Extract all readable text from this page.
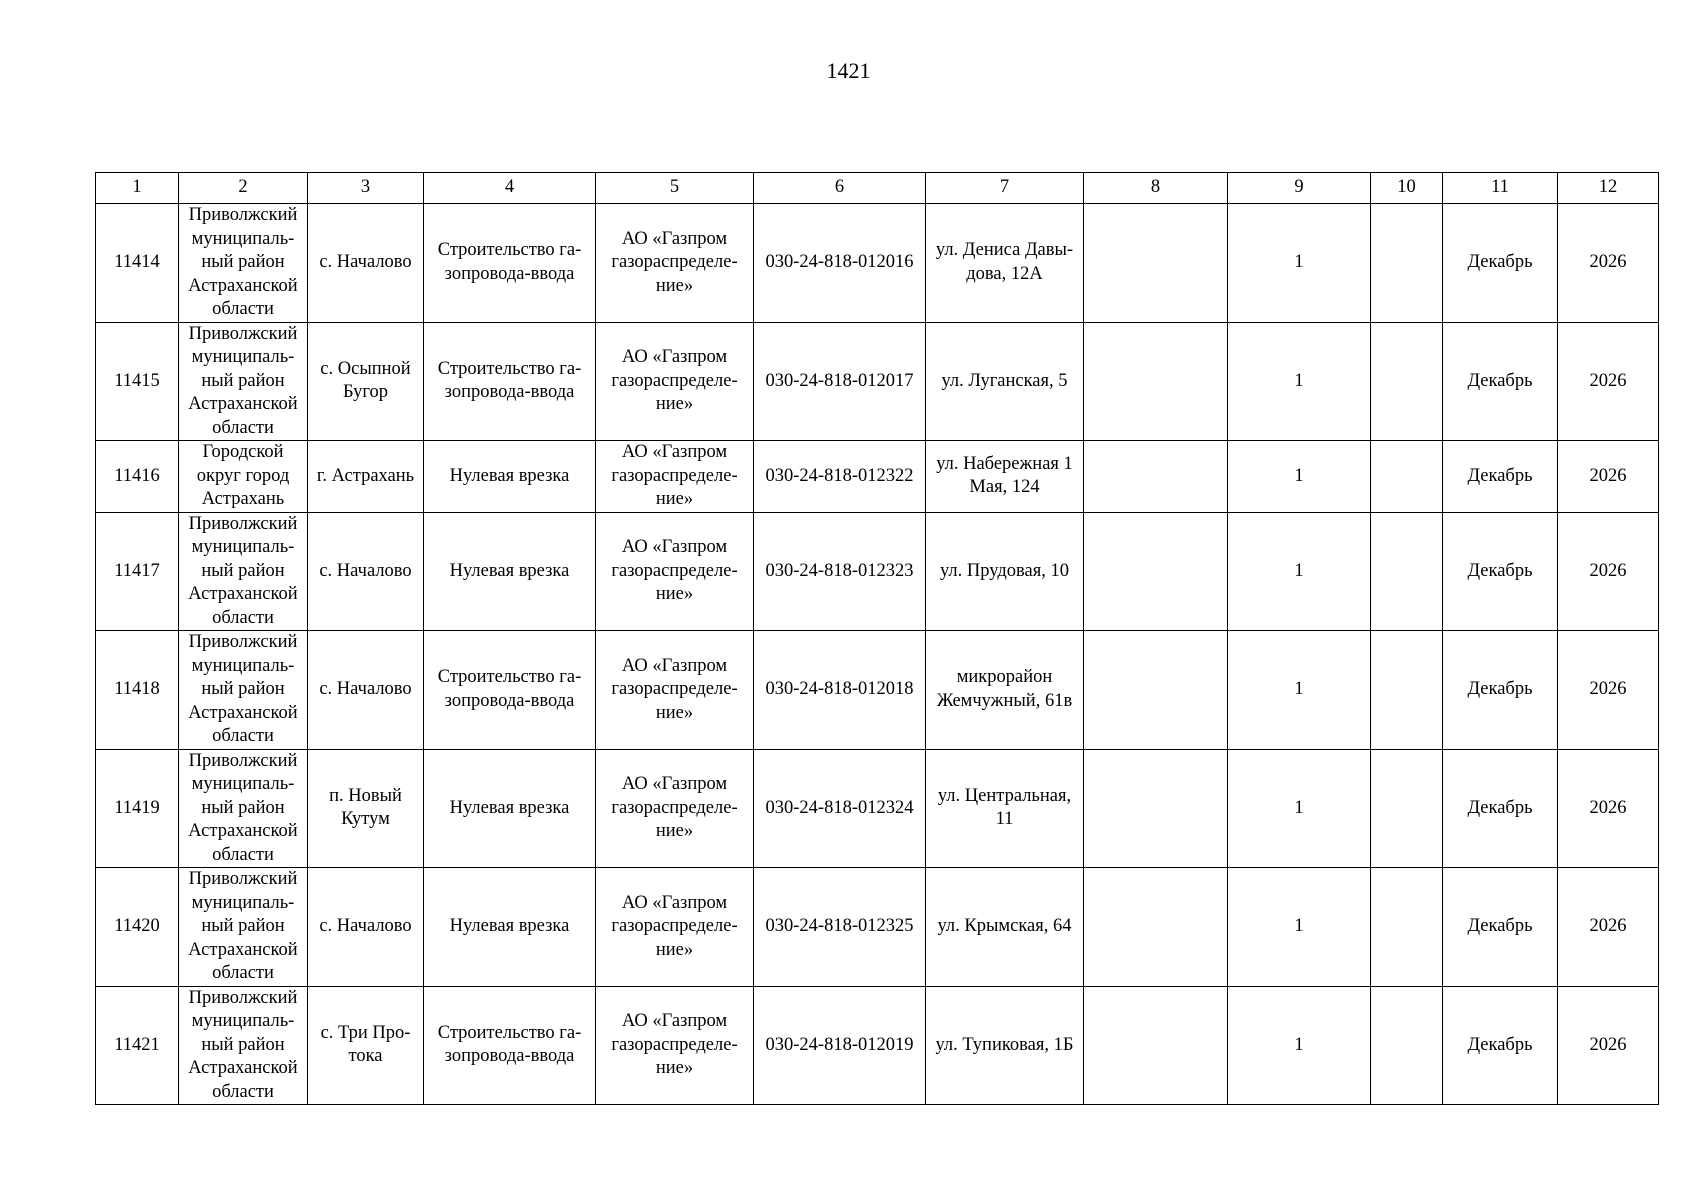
1421
1	2	3	4	5	6	7	8	9	10	11	12
11414	Приволжский муниципаль-ный район Астраханской области	с. Началово	Строительство га-зопровода-ввода	АО «Газпром газораспределе-ние»	030-24-818-012016	ул. Дениса Давы-дова, 12А		1		Декабрь	2026
11415	Приволжский муниципаль-ный район Астраханской области	с. Осыпной Бугор	Строительство га-зопровода-ввода	АО «Газпром газораспределе-ние»	030-24-818-012017	ул. Луганская, 5		1		Декабрь	2026
11416	Городской округ город Астрахань	г. Астрахань	Нулевая врезка	АО «Газпром газораспределе-ние»	030-24-818-012322	ул. Набережная 1 Мая, 124		1		Декабрь	2026
11417	Приволжский муниципаль-ный район Астраханской области	с. Началово	Нулевая врезка	АО «Газпром газораспределе-ние»	030-24-818-012323	ул. Прудовая, 10		1		Декабрь	2026
11418	Приволжский муниципаль-ный район Астраханской области	с. Началово	Строительство га-зопровода-ввода	АО «Газпром газораспределе-ние»	030-24-818-012018	микрорайон Жемчужный, 61в		1		Декабрь	2026
11419	Приволжский муниципаль-ный район Астраханской области	п. Новый Кутум	Нулевая врезка	АО «Газпром газораспределе-ние»	030-24-818-012324	ул. Центральная, 11		1		Декабрь	2026
11420	Приволжский муниципаль-ный район Астраханской области	с. Началово	Нулевая врезка	АО «Газпром газораспределе-ние»	030-24-818-012325	ул. Крымская, 64		1		Декабрь	2026
11421	Приволжский муниципаль-ный район Астраханской области	с. Три Про-тока	Строительство га-зопровода-ввода	АО «Газпром газораспределе-ние»	030-24-818-012019	ул. Тупиковая, 1Б		1		Декабрь	2026
